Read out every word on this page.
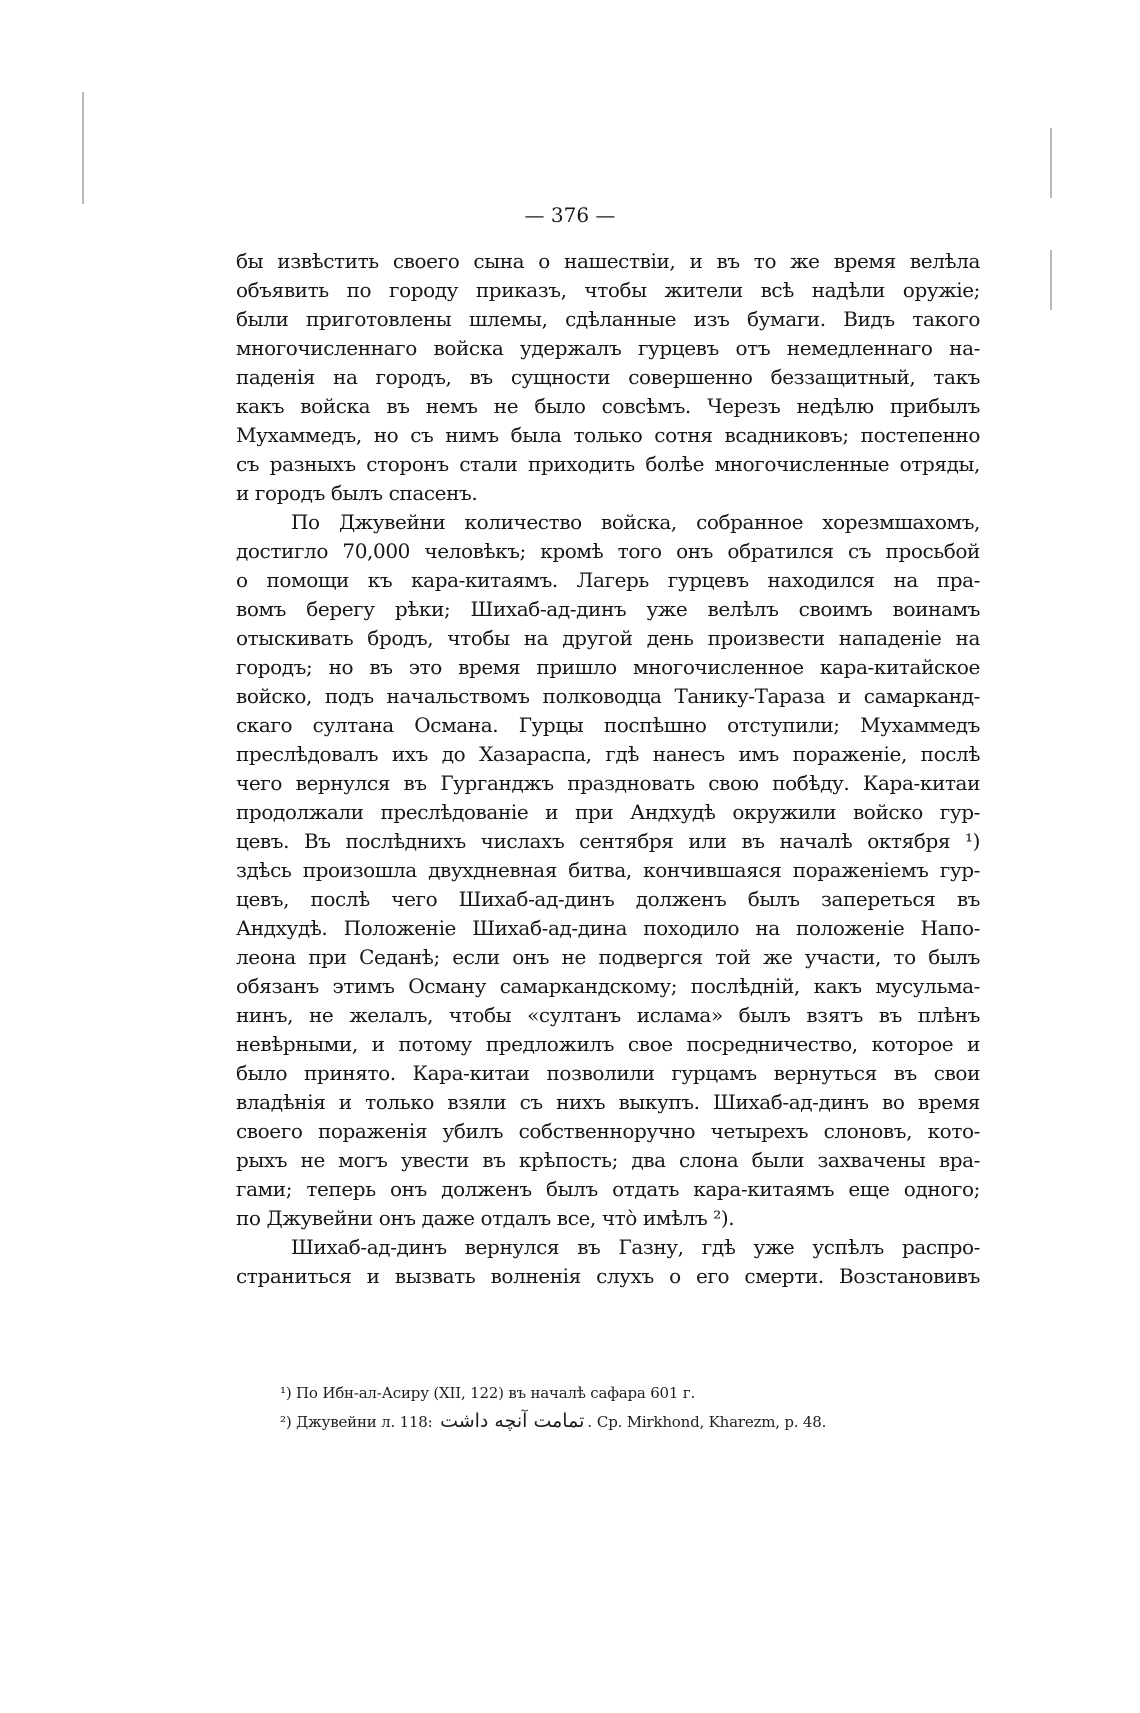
— 376 —
бы извѣстить своего сына о нашествіи, и въ то же время велѣла
объявить по городу приказъ, чтобы жители всѣ надѣли оружіе;
были приготовлены шлемы, сдѣланные изъ бумаги. Видъ такого
многочисленнаго войска удержалъ гурцевъ отъ немедленнаго на-
паденія на городъ, въ сущности совершенно беззащитный, такъ
какъ войска въ немъ не было совсѣмъ. Черезъ недѣлю прибылъ
Мухаммедъ, но съ нимъ была только сотня всадниковъ; постепенно
съ разныхъ сторонъ стали приходить болѣе многочисленные отряды,
и городъ былъ спасенъ.
По Джувейни количество войска, собранное хорезмшахомъ,
достигло 70,000 человѣкъ; кромѣ того онъ обратился съ просьбой
о помощи къ кара-китаямъ. Лагерь гурцевъ находился на пра-
вомъ берегу рѣки; Шихаб-ад-динъ уже велѣлъ своимъ воинамъ
отыскивать бродъ, чтобы на другой день произвести нападеніе на
городъ; но въ это время пришло многочисленное кара-китайское
войско, подъ начальствомъ полководца Танику-Тараза и самарканд-
скаго султана Османа. Гурцы поспѣшно отступили; Мухаммедъ
преслѣдовалъ ихъ до Хазараспа, гдѣ нанесъ имъ пораженіе, послѣ
чего вернулся въ Гурганджъ праздновать свою побѣду. Кара-китаи
продолжали преслѣдованіе и при Андхудѣ окружили войско гур-
цевъ. Въ послѣднихъ числахъ сентября или въ началѣ октября ¹)
здѣсь произошла двухдневная битва, кончившаяся пораженіемъ гур-
цевъ, послѣ чего Шихаб-ад-динъ долженъ былъ запереться въ
Андхудѣ. Положеніе Шихаб-ад-дина походило на положеніе Напо-
леона при Седанѣ; если онъ не подвергся той же участи, то былъ
обязанъ этимъ Осману самаркандскому; послѣдній, какъ мусульма-
нинъ, не желалъ, чтобы «султанъ ислама» былъ взятъ въ плѣнъ
невѣрными, и потому предложилъ свое посредничество, которое и
было принято. Кара-китаи позволили гурцамъ вернуться въ свои
владѣнія и только взяли съ нихъ выкупъ. Шихаб-ад-динъ во время
своего пораженія убилъ собственноручно четырехъ слоновъ, кото-
рыхъ не могъ увести въ крѣпость; два слона были захвачены вра-
гами; теперь онъ долженъ былъ отдать кара-китаямъ еще одного;
по Джувейни онъ даже отдалъ все, что̀ имѣлъ ²).
Шихаб-ад-динъ вернулся въ Газну, гдѣ уже успѣлъ распро-
страниться и вызвать волненія слухъ о его смерти. Возстановивъ
¹) По Ибн-ал-Асиру (XII, 122) въ началѣ сафара 601 г.
²) Джувейни л. 118: تمامت آنچه داشت . Ср. Mirkhond, Kharezm, p. 48.
